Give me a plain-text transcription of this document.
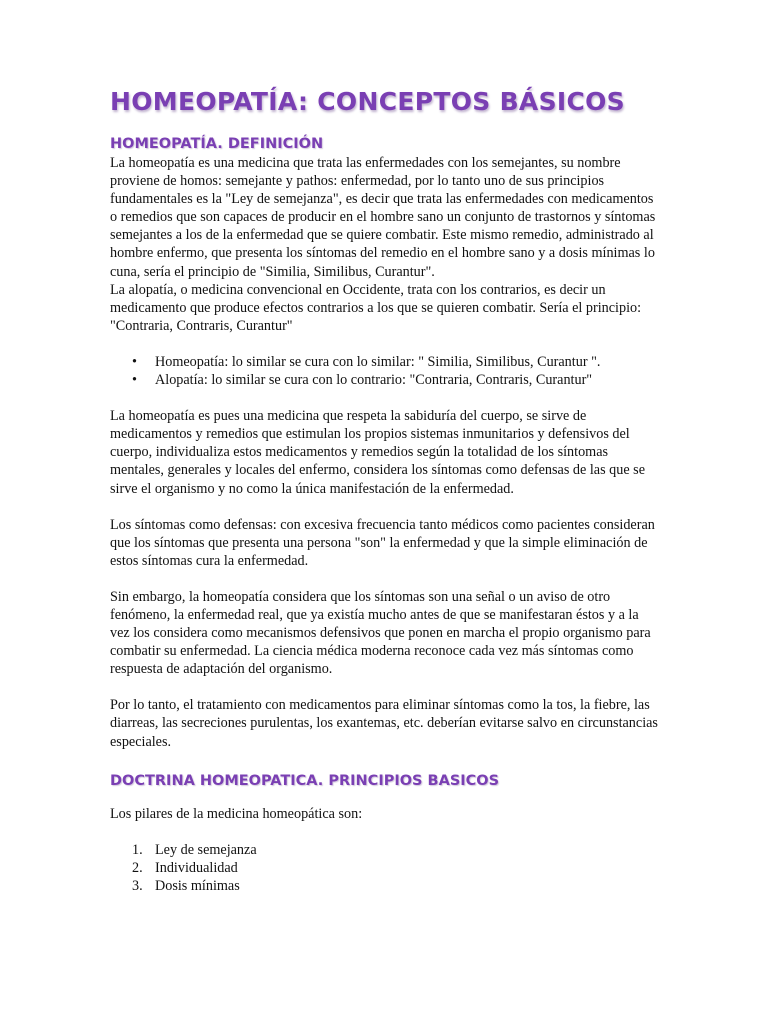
HOMEOPATÍA: CONCEPTOS BÁSICOS
HOMEOPATÍA. DEFINICIÓN

La homeopatía es una medicina que trata las enfermedades con los semejantes, su nombre proviene de homos: semejante y pathos: enfermedad, por lo tanto uno de sus principios fundamentales es la "Ley de semejanza", es decir que trata las enfermedades con medicamentos o remedios que son capaces de producir en el hombre sano un conjunto de trastornos y síntomas semejantes a los de la enfermedad que se quiere combatir. Este mismo remedio, administrado al hombre enfermo, que presenta los síntomas del remedio en el hombre sano y a dosis mínimas lo cuna, sería el principio de "Similia, Similibus, Curantur".

La alopatía, o medicina convencional en Occidente, trata con los contrarios, es decir un medicamento que produce efectos contrarios a los que se quieren combatir. Sería el principio: "Contraria, Contraris, Curantur"

• Homeopatía: lo similar se cura con lo similar: " Similia, Similibus, Curantur ".
• Alopatía: lo similar se cura con lo contrario: "Contraria, Contraris, Curantur"

La homeopatía es pues una medicina que respeta la sabiduría del cuerpo, se sirve de medicamentos y remedios que estimulan los propios sistemas inmunitarios y defensivos del cuerpo, individualiza estos medicamentos y remedios según la totalidad de los síntomas mentales, generales y locales del enfermo, considera los síntomas como defensas de las que se sirve el organismo y no como la única manifestación de la enfermedad.

Los síntomas como defensas: con excesiva frecuencia tanto médicos como pacientes consideran que los síntomas que presenta una persona "son" la enfermedad y que la simple eliminación de estos síntomas cura la enfermedad.

Sin embargo, la homeopatía considera que los síntomas son una señal o un aviso de otro fenómeno, la enfermedad real, que ya existía mucho antes de que se manifestaran éstos y a la vez los considera como mecanismos defensivos que ponen en marcha el propio organismo para combatir su enfermedad. La ciencia médica moderna reconoce cada vez más síntomas como respuesta de adaptación del organismo.

Por lo tanto, el tratamiento con medicamentos para eliminar síntomas como la tos, la fiebre, las diarreas, las secreciones purulentas, los exantemas, etc. deberían evitarse salvo en circunstancias especiales.

DOCTRINA HOMEOPATICA. PRINCIPIOS BASICOS

Los pilares de la medicina homeopática son:

1. Ley de semejanza
2. Individualidad
3. Dosis mínimas
